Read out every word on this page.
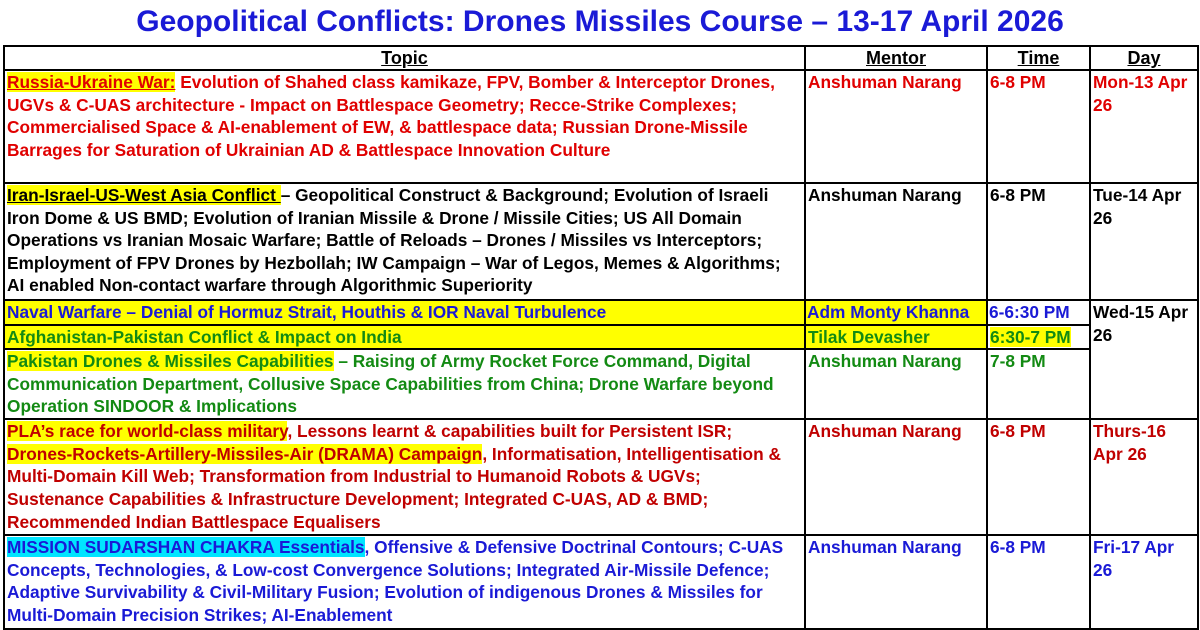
Geopolitical Conflicts: Drones Missiles Course – 13-17 April 2026
Topic	Mentor	Time	Day
Russia-Ukraine War: Evolution of Shahed class kamikaze, FPV, Bomber & Interceptor Drones, UGVs & C-UAS architecture - Impact on Battlespace Geometry; Recce-Strike Complexes; Commercialised Space & AI-enablement of EW, & battlespace data; Russian Drone-Missile Barrages for Saturation of Ukrainian AD & Battlespace Innovation Culture	Anshuman Narang	6-8 PM	Mon-13 Apr 26
Iran-Israel-US-West Asia Conflict – Geopolitical Construct & Background; Evolution of Israeli Iron Dome & US BMD; Evolution of Iranian Missile & Drone / Missile Cities; US All Domain Operations vs Iranian Mosaic Warfare; Battle of Reloads – Drones / Missiles vs Interceptors; Employment of FPV Drones by Hezbollah; IW Campaign – War of Legos, Memes & Algorithms; AI enabled Non-contact warfare through Algorithmic Superiority	Anshuman Narang	6-8 PM	Tue-14 Apr 26
Naval Warfare – Denial of Hormuz Strait, Houthis & IOR Naval Turbulence	Adm Monty Khanna	6-6:30 PM	Wed-15 Apr 26
Afghanistan-Pakistan Conflict & Impact on India	Tilak Devasher	6:30-7 PM	
Pakistan Drones & Missiles Capabilities – Raising of Army Rocket Force Command, Digital Communication Department, Collusive Space Capabilities from China; Drone Warfare beyond Operation SINDOOR & Implications	Anshuman Narang	7-8 PM	
PLA’s race for world-class military, Lessons learnt & capabilities built for Persistent ISR; Drones-Rockets-Artillery-Missiles-Air (DRAMA) Campaign, Informatisation, Intelligentisation & Multi-Domain Kill Web; Transformation from Industrial to Humanoid Robots & UGVs; Sustenance Capabilities & Infrastructure Development; Integrated C-UAS, AD & BMD; Recommended Indian Battlespace Equalisers	Anshuman Narang	6-8 PM	Thurs-16 Apr 26
MISSION SUDARSHAN CHAKRA Essentials, Offensive & Defensive Doctrinal Contours; C-UAS Concepts, Technologies, & Low-cost Convergence Solutions; Integrated Air-Missile Defence; Adaptive Survivability & Civil-Military Fusion; Evolution of indigenous Drones & Missiles for Multi-Domain Precision Strikes; AI-Enablement	Anshuman Narang	6-8 PM	Fri-17 Apr 26
